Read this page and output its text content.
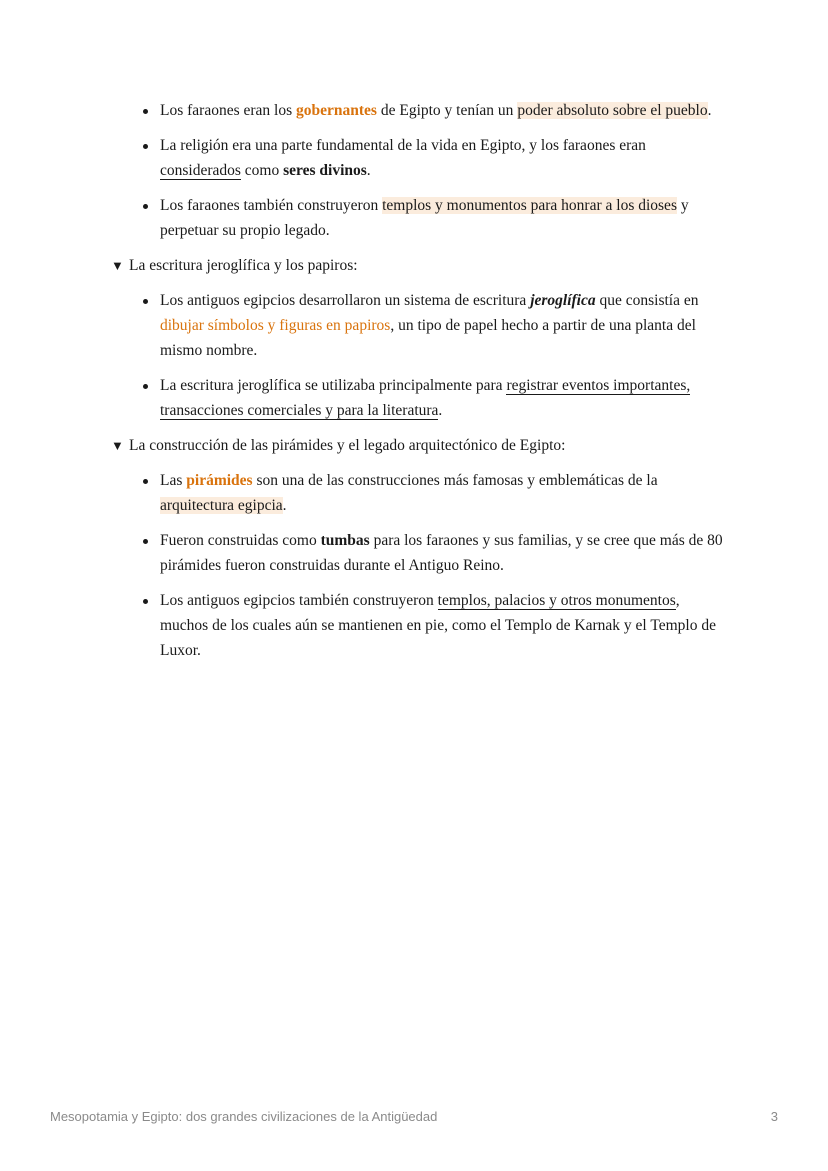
Los faraones eran los gobernantes de Egipto y tenían un poder absoluto sobre el pueblo.
La religión era una parte fundamental de la vida en Egipto, y los faraones eran considerados como seres divinos.
Los faraones también construyeron templos y monumentos para honrar a los dioses y perpetuar su propio legado.
▼ La escritura jeroglífica y los papiros:
Los antiguos egipcios desarrollaron un sistema de escritura jeroglífica que consistía en dibujar símbolos y figuras en papiros, un tipo de papel hecho a partir de una planta del mismo nombre.
La escritura jeroglífica se utilizaba principalmente para registrar eventos importantes, transacciones comerciales y para la literatura.
▼ La construcción de las pirámides y el legado arquitectónico de Egipto:
Las pirámides son una de las construcciones más famosas y emblemáticas de la arquitectura egipcia.
Fueron construidas como tumbas para los faraones y sus familias, y se cree que más de 80 pirámides fueron construidas durante el Antiguo Reino.
Los antiguos egipcios también construyeron templos, palacios y otros monumentos, muchos de los cuales aún se mantienen en pie, como el Templo de Karnak y el Templo de Luxor.
Mesopotamia y Egipto: dos grandes civilizaciones de la Antigüedad	3
